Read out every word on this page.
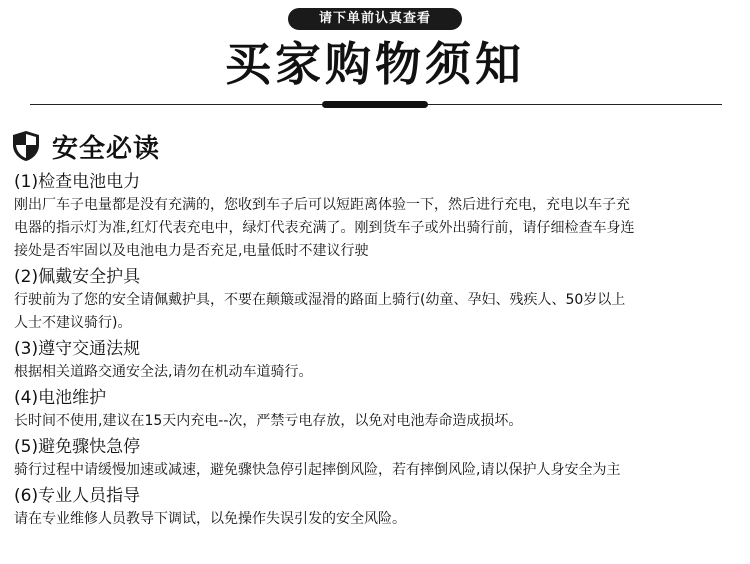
请下单前认真查看
买家购物须知
安全必读
(1)检查电池电力
刚出厂车子电量都是没有充满的，您收到车子后可以短距离体验一下，然后进行充电，充电以车子充
电器的指示灯为准,红灯代表充电中，绿灯代表充满了。刚到货车子或外出骑行前，请仔细检查车身连
接处是否牢固以及电池电力是否充足,电量低时不建议行驶
(2)佩戴安全护具
行驶前为了您的安全请佩戴护具，不要在颠簸或湿滑的路面上骑行(幼童、孕妇、残疾人、50岁以上
人士不建议骑行)。
(3)遵守交通法规
根据相关道路交通安全法,请勿在机动车道骑行。
(4)电池维护
长时间不使用,建议在15天内充电--次，严禁亏电存放，以免对电池寿命造成损坏。
(5)避免骤快急停
骑行过程中请缓慢加速或减速，避免骤快急停引起摔倒风险，若有摔倒风险,请以保护人身安全为主
(6)专业人员指导
请在专业维修人员教导下调试，以免操作失误引发的安全风险。
